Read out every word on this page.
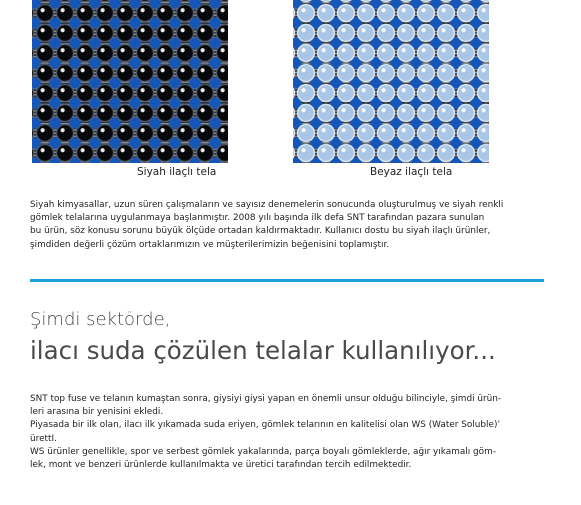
Siyah ilaçlı tela	Beyaz ilaçlı tela

Siyah kimyasallar, uzun süren çalışmaların ve sayısız denemelerin sonucunda oluşturulmuş ve siyah renkli

gömlek telalarına uygulanmaya başlanmıştır. 2008 yılı başında ilk defa SNT tarafından pazara sunulan

bu ürün, söz konusu sorunu büyük ölçüde ortadan kaldırmaktadır. Kullanıcı dostu bu siyah ilaçlı ürünler,

şimdiden değerli çözüm ortaklarımızın ve müşterilerimizin beğenisini toplamıştır.

Şimdi sektörde,
ilacı suda çözülen telalar kullanılıyor...

SNT top fuse ve telanın kumaştan sonra, giysiyi giysi yapan en önemli unsur olduğu bilinciyle, şimdi ürün-

leri arasına bir yenisini ekledi.

Piyasada bir ilk olan, ilacı ilk yıkamada suda eriyen, gömlek telarının en kalitelisi olan WS (Water Soluble)’

ürettI.

WS ürünler genellikle, spor ve serbest gömlek yakalarında, parça boyalı gömleklerde, ağır yıkamalı göm-

lek, mont ve benzeri ürünlerde kullanılmakta ve üretici tarafından tercih edilmektedir.
